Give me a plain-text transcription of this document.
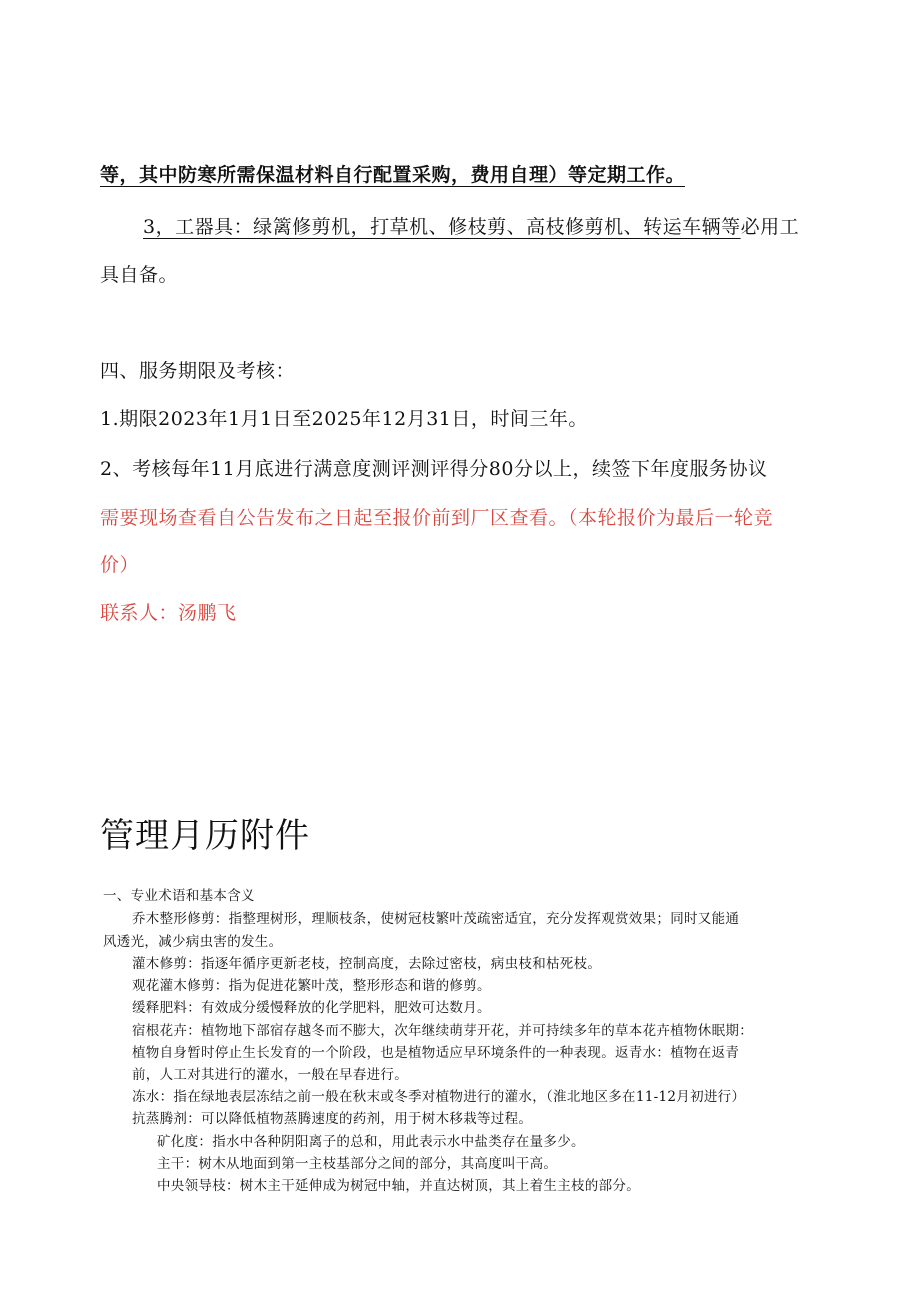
等，其中防寒所需保温材料自行配置采购，费用自理）等定期工作。

3，工器具：绿篱修剪机，打草机、修枝剪、高枝修剪机、转运车辆等必用工

具自备。

四、服务期限及考核：

1.期限2023年1月1日至2025年12月31日，时间三年。

2、考核每年11月底进行满意度测评测评得分80分以上，续签下年度服务协议

需要现场查看自公告发布之日起至报价前到厂区查看。（本轮报价为最后一轮竞

价）

联系人：汤鹏飞

管理月历附件

一、专业术语和基本含义

乔木整形修剪：指整理树形，理顺枝条，使树冠枝繁叶茂疏密适宜，充分发挥观赏效果；同时又能通

风透光，减少病虫害的发生。

灌木修剪：指逐年循序更新老枝，控制高度，去除过密枝，病虫枝和枯死枝。

观花灌木修剪：指为促进花繁叶茂，整形形态和谐的修剪。

缓释肥料：有效成分缓慢释放的化学肥料，肥效可达数月。

宿根花卉：植物地下部宿存越冬而不膨大，次年继续萌芽开花，并可持续多年的草本花卉植物休眠期：

植物自身暂时停止生长发育的一个阶段，也是植物适应早环境条件的一种表现。返青水：植物在返青

前，人工对其进行的灌水，一般在早春进行。

冻水：指在绿地表层冻结之前一般在秋末或冬季对植物进行的灌水，（淮北地区多在11-12月初进行）

抗蒸腾剂：可以降低植物蒸腾速度的药剂，用于树木移栽等过程。

矿化度：指水中各种阴阳离子的总和，用此表示水中盐类存在量多少。

主干：树木从地面到第一主枝基部分之间的部分，其高度叫干高。

中央领导枝：树木主干延伸成为树冠中轴，并直达树顶，其上着生主枝的部分。
